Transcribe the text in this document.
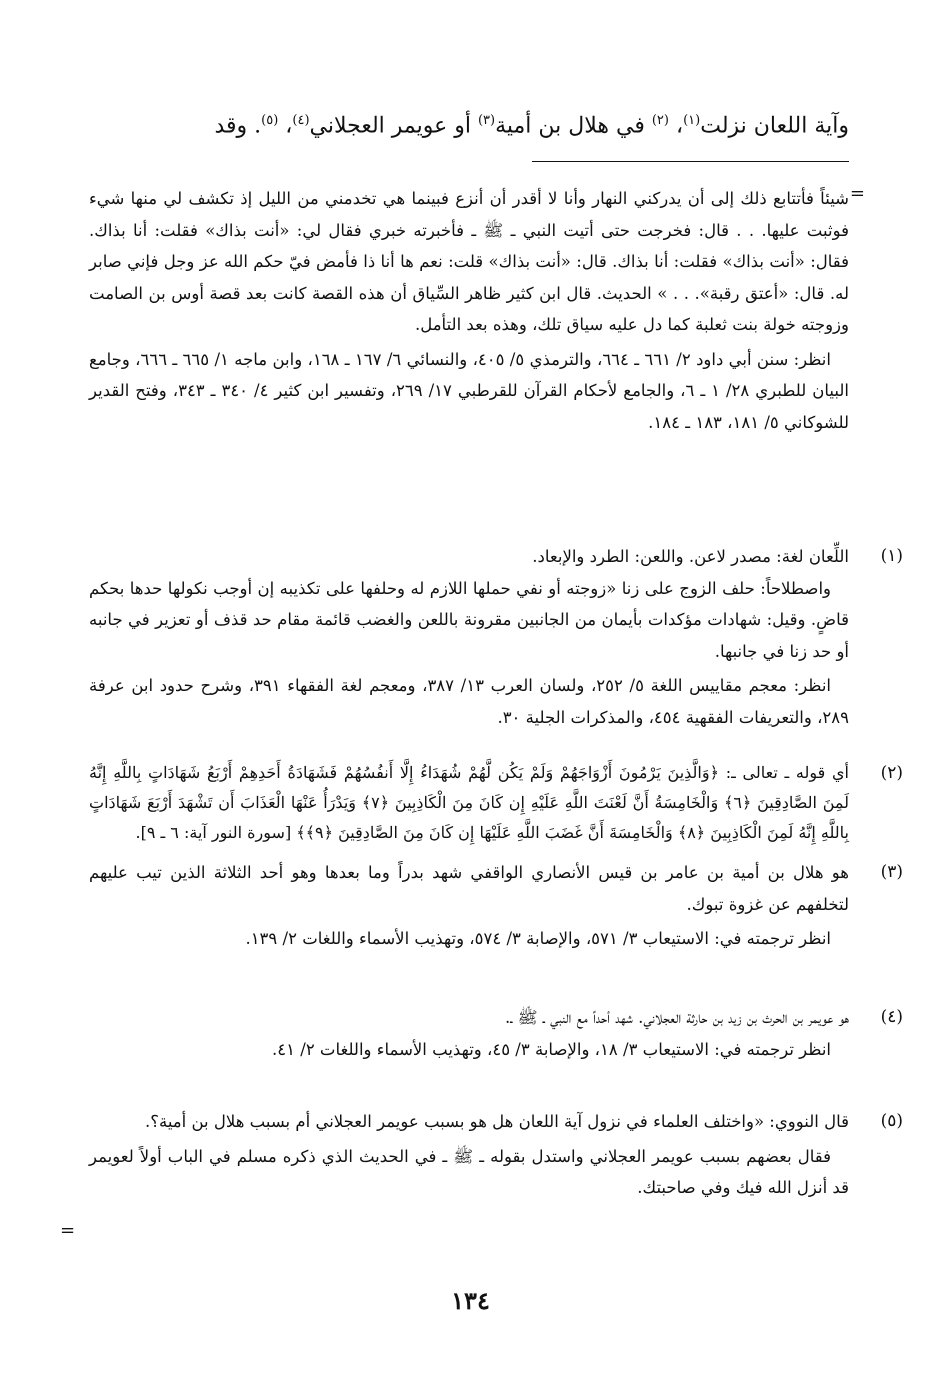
وآية اللعان نزلت$^{(١)}$، $^{(٢)}$ في هلال بن أمية$^{(٣)}$ أو عويمر العجلاني$^{(٤)}$، $^{(٥)}$. وقد
=
شيئاً فأتتابع ذلك إلى أن يدركني النهار وأنا لا أقدر أن أنزع فبينما هي تخدمني من الليل إذ تكشف لي منها شيء فوثبت عليها. . . قال: فخرجت حتى أتيت النبي ـ ﷺ ـ فأخبرته خبري فقال لي: «أنت بذاك» فقلت: أنا بذاك. فقال: «أنت بذاك» فقلت: أنا بذاك. قال: «أنت بذاك» قلت: نعم ها أنا ذا فأمض فيّ حكم الله عز وجل فإني صابر له. قال: «أعتق رقبة». . . » الحديث. قال ابن كثير ظاهر السِّياق أن هذه القصة كانت بعد قصة أوس بن الصامت وزوجته خولة بنت ثعلبة كما دل عليه سياق تلك، وهذه بعد التأمل.
انظر: سنن أبي داود ٢/ ٦٦١ ـ ٦٦٤، والترمذي ٥/ ٤٠٥، والنسائي ٦/ ١٦٧ ـ ١٦٨، وابن ماجه ١/ ٦٦٥ ـ ٦٦٦، وجامع البيان للطبري ٢٨/ ١ ـ ٦، والجامع لأحكام القرآن للقرطبي ١٧/ ٢٦٩، وتفسير ابن كثير ٤/ ٣٤٠ ـ ٣٤٣، وفتح القدير للشوكاني ٥/ ١٨١، ١٨٣ ـ ١٨٤.
(١)
اللِّعان لغة: مصدر لاعن. واللعن: الطرد والإبعاد.
واصطلاحاً: حلف الزوج على زنا «زوجته أو نفي حملها اللازم له وحلفها على تكذيبه إن أوجب نكولها حدها بحكم قاضٍ. وقيل: شهادات مؤكدات بأيمان من الجانبين مقرونة باللعن والغضب قائمة مقام حد قذف أو تعزير في جانبه أو حد زنا في جانبها.
انظر: معجم مقاييس اللغة ٥/ ٢٥٢، ولسان العرب ١٣/ ٣٨٧، ومعجم لغة الفقهاء ٣٩١، وشرح حدود ابن عرفة ٢٨٩، والتعريفات الفقهية ٤٥٤، والمذكرات الجلية ٣٠.
(٢)
أي قوله ـ تعالى ـ: ﴿وَالَّذِينَ يَرْمُونَ أَزْوَاجَهُمْ وَلَمْ يَكُن لَّهُمْ شُهَدَاءُ إِلَّا أَنفُسُهُمْ فَشَهَادَةُ أَحَدِهِمْ أَرْبَعُ شَهَادَاتٍ بِاللَّهِ إِنَّهُ لَمِنَ الصَّادِقِينَ ﴿٦﴾ وَالْخَامِسَةُ أَنَّ لَعْنَتَ اللَّهِ عَلَيْهِ إِن كَانَ مِنَ الْكَاذِبِينَ ﴿٧﴾ وَيَدْرَأُ عَنْهَا الْعَذَابَ أَن تَشْهَدَ أَرْبَعَ شَهَادَاتٍ بِاللَّهِ إِنَّهُ لَمِنَ الْكَاذِبِينَ ﴿٨﴾ وَالْخَامِسَةَ أَنَّ غَضَبَ اللَّهِ عَلَيْهَا إِن كَانَ مِنَ الصَّادِقِينَ ﴿٩﴾﴾ [سورة النور آية: ٦ ـ ٩].
(٣)
هو هلال بن أمية بن عامر بن قيس الأنصاري الواقفي شهد بدراً وما بعدها وهو أحد الثلاثة الذين تيب عليهم لتخلفهم عن غزوة تبوك.
انظر ترجمته في: الاستيعاب ٣/ ٥٧١، والإصابة ٣/ ٥٧٤، وتهذيب الأسماء واللغات ٢/ ١٣٩.
(٤)
هو عويمر بن الحرث بن زيد بن حارثة العجلاني. شهد أحداً مع النبي ـ ﷺ ـ.
انظر ترجمته في: الاستيعاب ٣/ ١٨، والإصابة ٣/ ٤٥، وتهذيب الأسماء واللغات ٢/ ٤١.
(٥)
قال النووي: «واختلف العلماء في نزول آية اللعان هل هو بسبب عويمر العجلاني أم بسبب هلال بن أمية؟.
فقال بعضهم بسبب عويمر العجلاني واستدل بقوله ـ ﷺ ـ في الحديث الذي ذكره مسلم في الباب أولاً لعويمر قد أنزل الله فيك وفي صاحبتك.
=
١٣٤
